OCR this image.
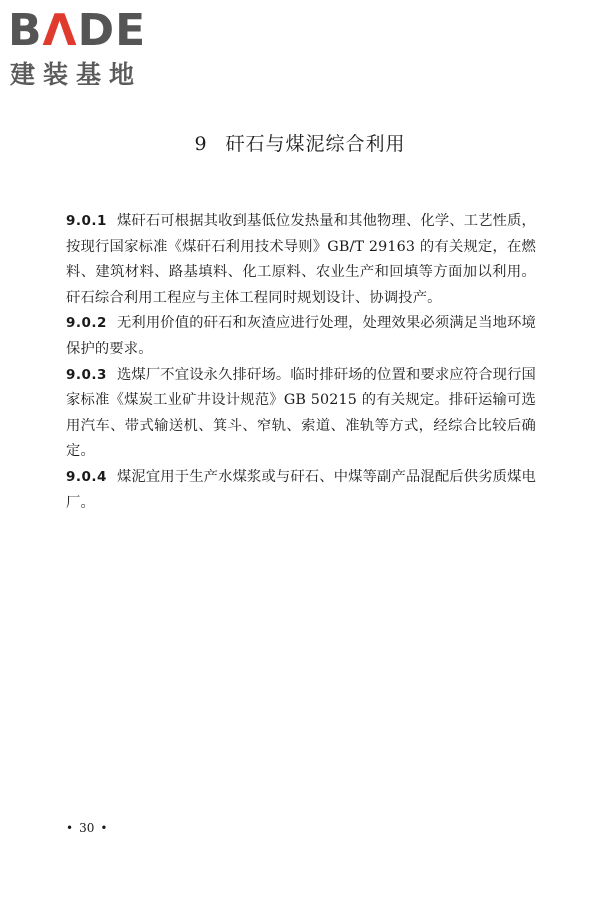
BΛDE
建装基地
9 矸石与煤泥综合利用

9.0.1 煤矸石可根据其收到基低位发热量和其他物理、化学、工艺性质，按现行国家标准《煤矸石利用技术导则》GB/T 29163 的有关规定，在燃料、建筑材料、路基填料、化工原料、农业生产和回填等方面加以利用。矸石综合利用工程应与主体工程同时规划设计、协调投产。

9.0.2 无利用价值的矸石和灰渣应进行处理，处理效果必须满足当地环境保护的要求。

9.0.3 选煤厂不宜设永久排矸场。临时排矸场的位置和要求应符合现行国家标准《煤炭工业矿井设计规范》GB 50215 的有关规定。排矸运输可选用汽车、带式输送机、箕斗、窄轨、索道、准轨等方式，经综合比较后确定。

9.0.4 煤泥宜用于生产水煤浆或与矸石、中煤等副产品混配后供劣质煤电厂。

• 30 •
